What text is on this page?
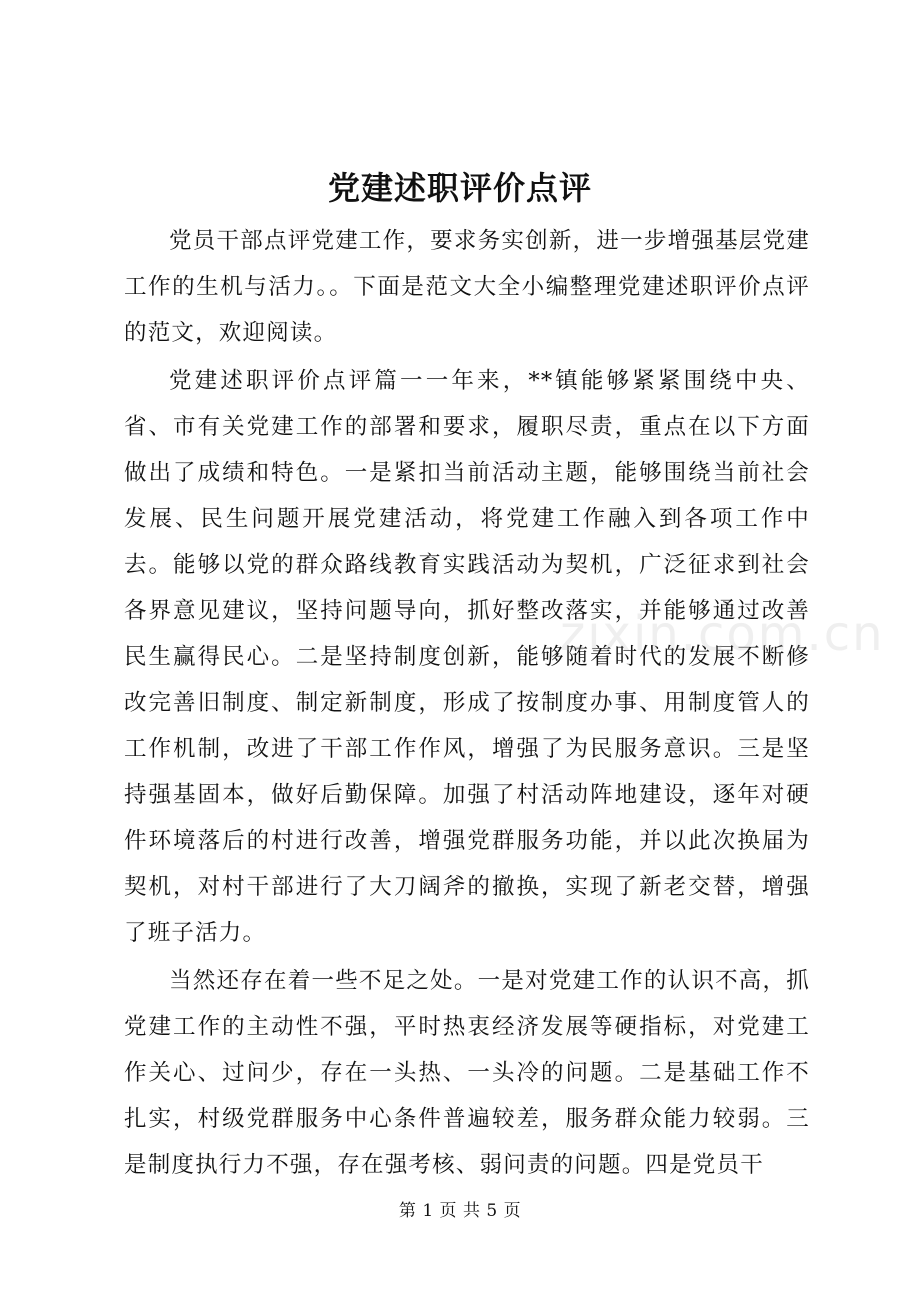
党建述职评价点评

党员干部点评党建工作，要求务实创新，进一步增强基层党建工作的生机与活力。。下面是范文大全小编整理党建述职评价点评的范文，欢迎阅读。

党建述职评价点评篇一一年来，**镇能够紧紧围绕中央、省、市有关党建工作的部署和要求，履职尽责，重点在以下方面做出了成绩和特色。一是紧扣当前活动主题，能够围绕当前社会发展、民生问题开展党建活动，将党建工作融入到各项工作中去。能够以党的群众路线教育实践活动为契机，广泛征求到社会各界意见建议，坚持问题导向，抓好整改落实，并能够通过改善民生赢得民心。二是坚持制度创新，能够随着时代的发展不断修改完善旧制度、制定新制度，形成了按制度办事、用制度管人的工作机制，改进了干部工作作风，增强了为民服务意识。三是坚持强基固本，做好后勤保障。加强了村活动阵地建设，逐年对硬件环境落后的村进行改善，增强党群服务功能，并以此次换届为契机，对村干部进行了大刀阔斧的撤换，实现了新老交替，增强了班子活力。

当然还存在着一些不足之处。一是对党建工作的认识不高，抓党建工作的主动性不强，平时热衷经济发展等硬指标，对党建工作关心、过问少，存在一头热、一头冷的问题。二是基础工作不扎实，村级党群服务中心条件普遍较差，服务群众能力较弱。三是制度执行力不强，存在强考核、弱问责的问题。四是党员干

zixin.com.cn
第 1 页 共 5 页
